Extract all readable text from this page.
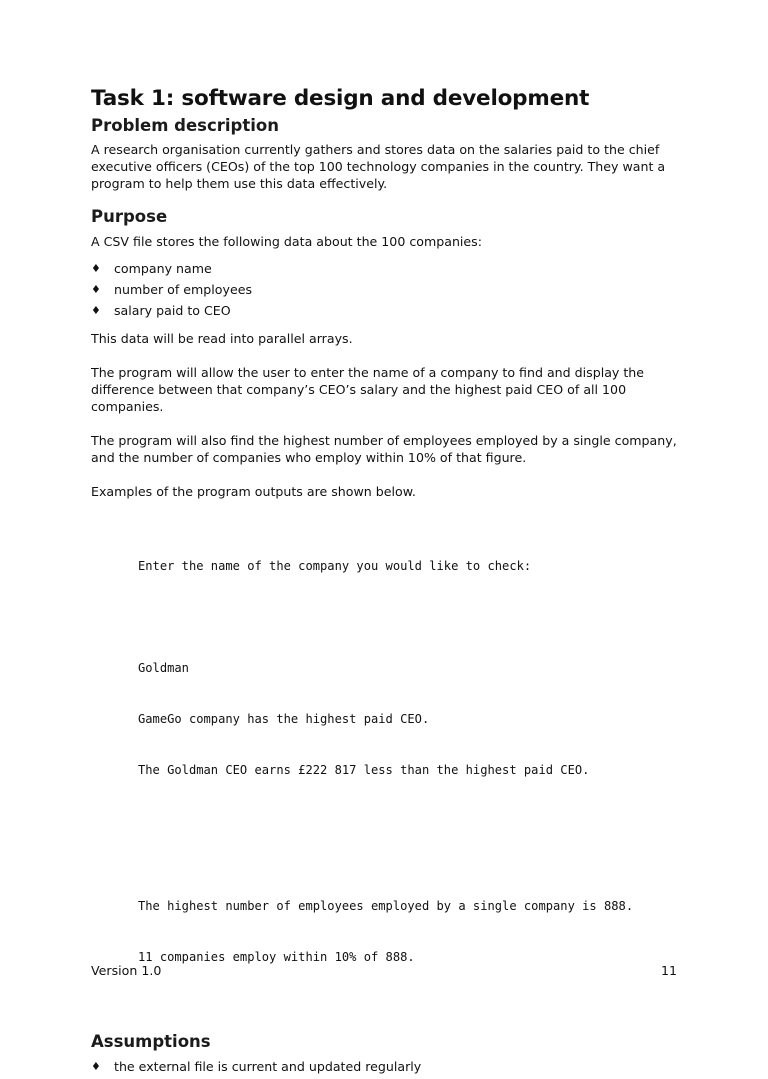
Task 1: software design and development
Problem description

A research organisation currently gathers and stores data on the salaries paid to the chief executive officers (CEOs) of the top 100 technology companies in the country. They want a program to help them use this data effectively.

Purpose

A CSV file stores the following data about the 100 companies:

♦ company name
♦ number of employees
♦ salary paid to CEO

This data will be read into parallel arrays.

The program will allow the user to enter the name of a company to find and display the difference between that company’s CEO’s salary and the highest paid CEO of all 100 companies.

The program will also find the highest number of employees employed by a single company, and the number of companies who employ within 10% of that figure.

Examples of the program outputs are shown below.

Enter the name of the company you would like to check:

Goldman

GameGo company has the highest paid CEO.

The Goldman CEO earns £222 817 less than the highest paid CEO.

The highest number of employees employed by a single company is 888.

11 companies employ within 10% of 888.

Assumptions
♦ the external file is current and updated regularly
Version 1.0	11
